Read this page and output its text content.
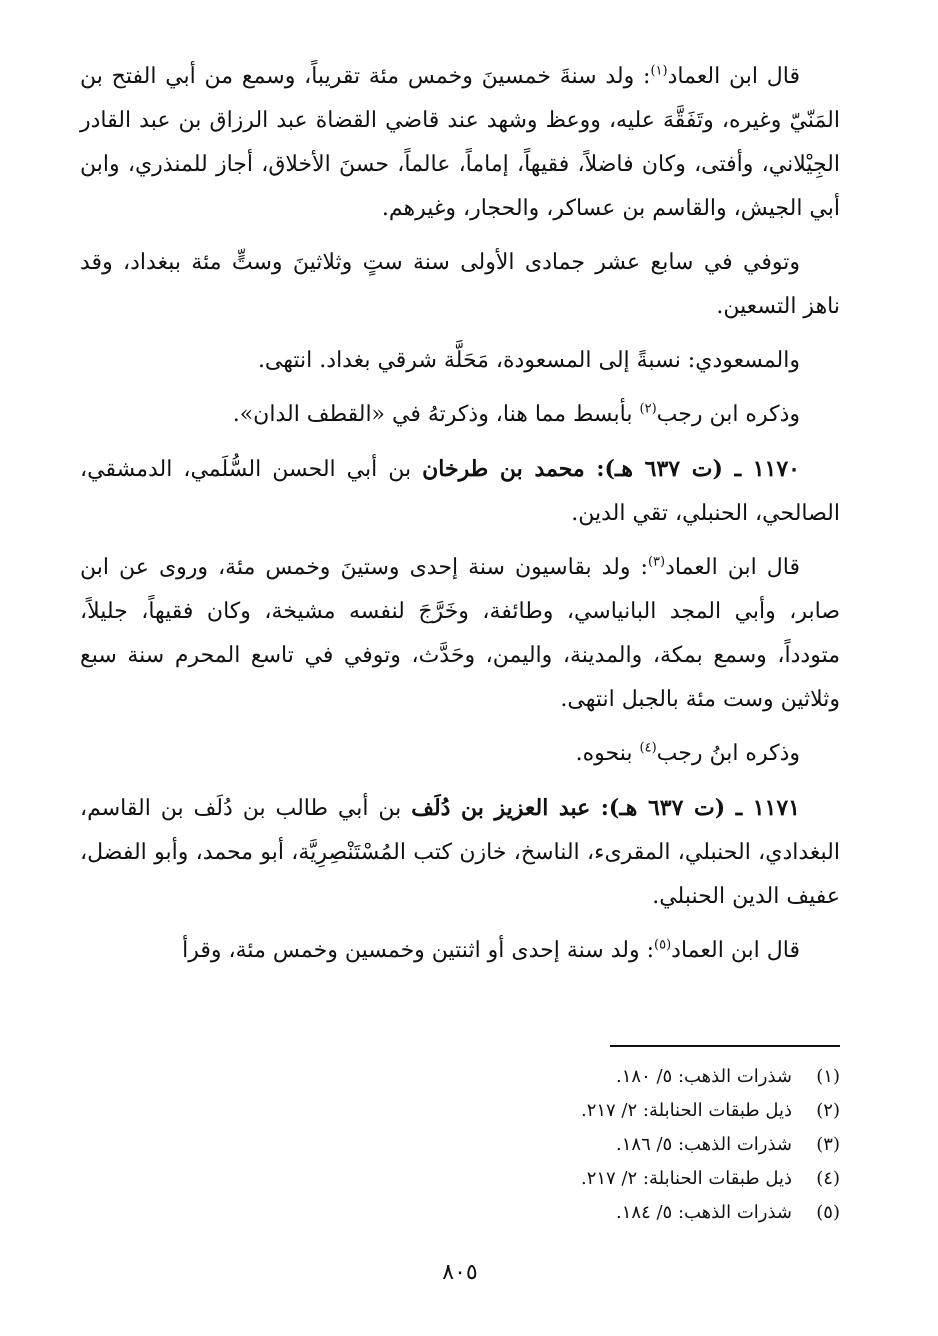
قال ابن العماد$^{(١)}$: ولد سنةَ خمسينَ وخمس مئة تقريباً، وسمع من أبي الفتح بن المَنّيّ وغيره، وتَفَقَّهَ عليه، ووعظ وشهد عند قاضي القضاة عبد الرزاق بن عبد القادر الجِيْلاني، وأفتى، وكان فاضلاً، فقيهاً، إماماً، عالماً، حسنَ الأخلاق، أجاز للمنذري، وابن أبي الجيش، والقاسم بن عساكر، والحجار، وغيرهم.

وتوفي في سابع عشر جمادى الأولى سنة ستٍ وثلاثينَ وستٍّ مئة ببغداد، وقد ناهز التسعين.

والمسعودي: نسبةً إلى المسعودة، مَحَلَّة شرقي بغداد. انتهى.

وذكره ابن رجب$^{(٢)}$ بأبسط مما هنا، وذكرتهُ في «القطف الدان».

١١٧٠ ـ (ت ٦٣٧ هـ): محمد بن طرخان بن أبي الحسن السُّلَمي، الدمشقي، الصالحي، الحنبلي، تقي الدين.

قال ابن العماد$^{(٣)}$: ولد بقاسيون سنة إحدى وستينَ وخمس مئة، وروى عن ابن صابر، وأبي المجد البانياسي، وطائفة، وخَرَّجَ لنفسه مشيخة، وكان فقيهاً، جليلاً، متودداً، وسمع بمكة، والمدينة، واليمن، وحَدَّث، وتوفي في تاسع المحرم سنة سبع وثلاثين وست مئة بالجبل انتهى.

وذكره ابنُ رجب$^{(٤)}$ بنحوه.

١١٧١ ـ (ت ٦٣٧ هـ): عبد العزيز بن دُلَف بن أبي طالب بن دُلَف بن القاسم، البغدادي، الحنبلي، المقرىء، الناسخ، خازن كتب المُسْتَنْصِرِيَّة، أبو محمد، وأبو الفضل، عفيف الدين الحنبلي.

قال ابن العماد$^{(٥)}$: ولد سنة إحدى أو اثنتين وخمسين وخمس مئة، وقرأ

(١)
شذرات الذهب: ٥/ ١٨٠.
(٢)
ذيل طبقات الحنابلة: ٢/ ٢١٧.
(٣)
شذرات الذهب: ٥/ ١٨٦.
(٤)
ذيل طبقات الحنابلة: ٢/ ٢١٧.
(٥)
شذرات الذهب: ٥/ ١٨٤.
٨٠٥
